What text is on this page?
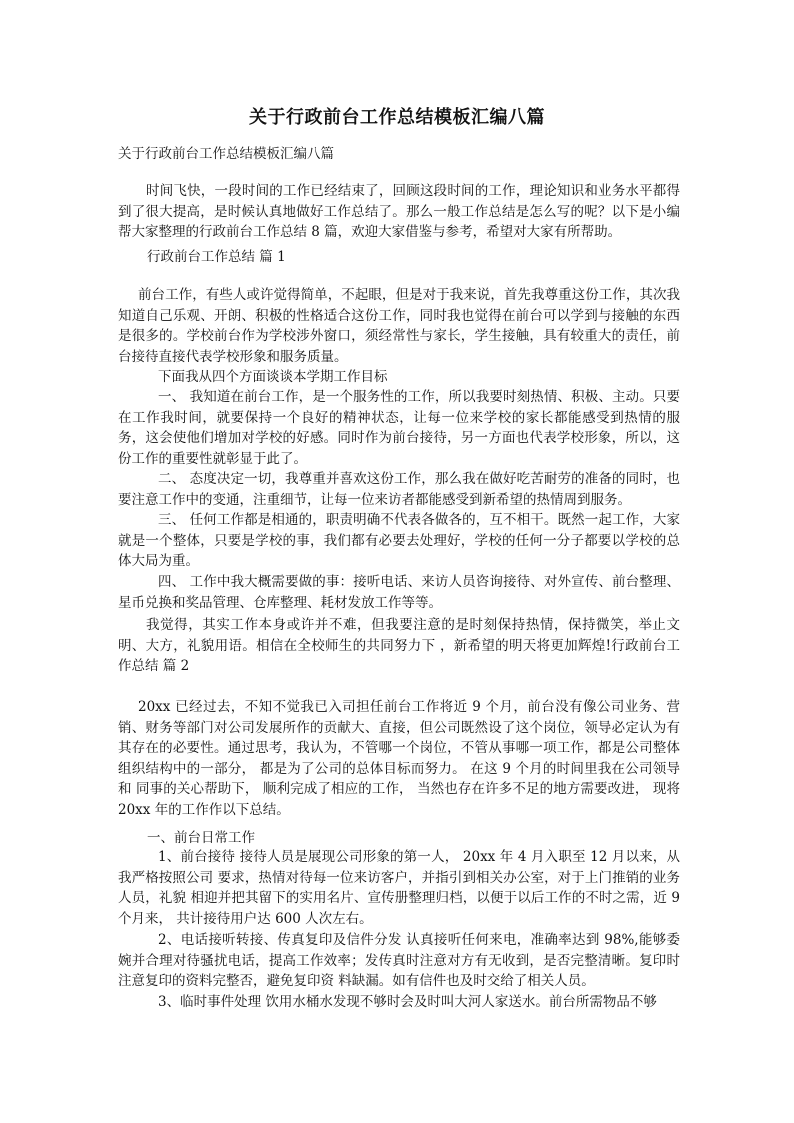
关于行政前台工作总结模板汇编八篇
关于行政前台工作总结模板汇编八篇

时间飞快，一段时间的工作已经结束了，回顾这段时间的工作，理论知识和业务水平都得到了很大提高，是时候认真地做好工作总结了。那么一般工作总结是怎么写的呢？以下是小编帮大家整理的行政前台工作总结 8 篇，欢迎大家借鉴与参考，希望对大家有所帮助。

行政前台工作总结 篇 1

前台工作，有些人或许觉得简单，不起眼，但是对于我来说，首先我尊重这份工作，其次我知道自己乐观、开朗、积极的性格适合这份工作，同时我也觉得在前台可以学到与接触的东西是很多的。学校前台作为学校涉外窗口，须经常性与家长，学生接触，具有较重大的责任，前台接待直接代表学校形象和服务质量。

下面我从四个方面谈谈本学期工作目标

一、 我知道在前台工作，是一个服务性的工作，所以我要时刻热情、积极、主动。只要在工作我时间，就要保持一个良好的精神状态，让每一位来学校的家长都能感受到热情的服务，这会使他们增加对学校的好感。同时作为前台接待，另一方面也代表学校形象，所以，这份工作的重要性就彰显于此了。

二、 态度决定一切，我尊重并喜欢这份工作，那么我在做好吃苦耐劳的准备的同时，也要注意工作中的变通，注重细节，让每一位来访者都能感受到新希望的热情周到服务。

三、 任何工作都是相通的，职责明确不代表各做各的，互不相干。既然一起工作，大家就是一个整体，只要是学校的事，我们都有必要去处理好，学校的任何一分子都要以学校的总体大局为重。

四、 工作中我大概需要做的事：接听电话、来访人员咨询接待、对外宣传、前台整理、星币兑换和奖品管理、仓库整理、耗材发放工作等等。

我觉得，其实工作本身或许并不难，但我要注意的是时刻保持热情，保持微笑，举止文明、大方，礼貌用语。相信在全校师生的共同努力下 ，新希望的明天将更加辉煌!行政前台工作总结 篇 2

20xx 已经过去，不知不觉我已入司担任前台工作将近 9 个月，前台没有像公司业务、营 销、财务等部门对公司发展所作的贡献大、直接，但公司既然设了这个岗位，领导必定认为有 其存在的必要性。通过思考，我认为，不管哪一个岗位，不管从事哪一项工作，都是公司整体 组织结构中的一部分， 都是为了公司的总体目标而努力。 在这 9 个月的时间里我在公司领导和 同事的关心帮助下， 顺利完成了相应的工作， 当然也存在许多不足的地方需要改进， 现将 20xx 年的工作作以下总结。

一、前台日常工作

1、前台接待 接待人员是展现公司形象的第一人， 20xx 年 4 月入职至 12 月以来，从 我严格按照公司 要求，热情对待每一位来访客户，并指引到相关办公室，对于上门推销的业务人员，礼貌 相迎并把其留下的实用名片、宣传册整理归档，以便于以后工作的不时之需，近 9 个月来， 共计接待用户达 600 人次左右。

2、电话接听转接、传真复印及信件分发 认真接听任何来电，准确率达到 98%,能够委婉并合理对待骚扰电话，提高工作效率；发传真时注意对方有无收到，是否完整清晰。复印时注意复印的资料完整否，避免复印资 料缺漏。如有信件也及时交给了相关人员。

3、临时事件处理 饮用水桶水发现不够时会及时叫大河人家送水。前台所需物品不够
